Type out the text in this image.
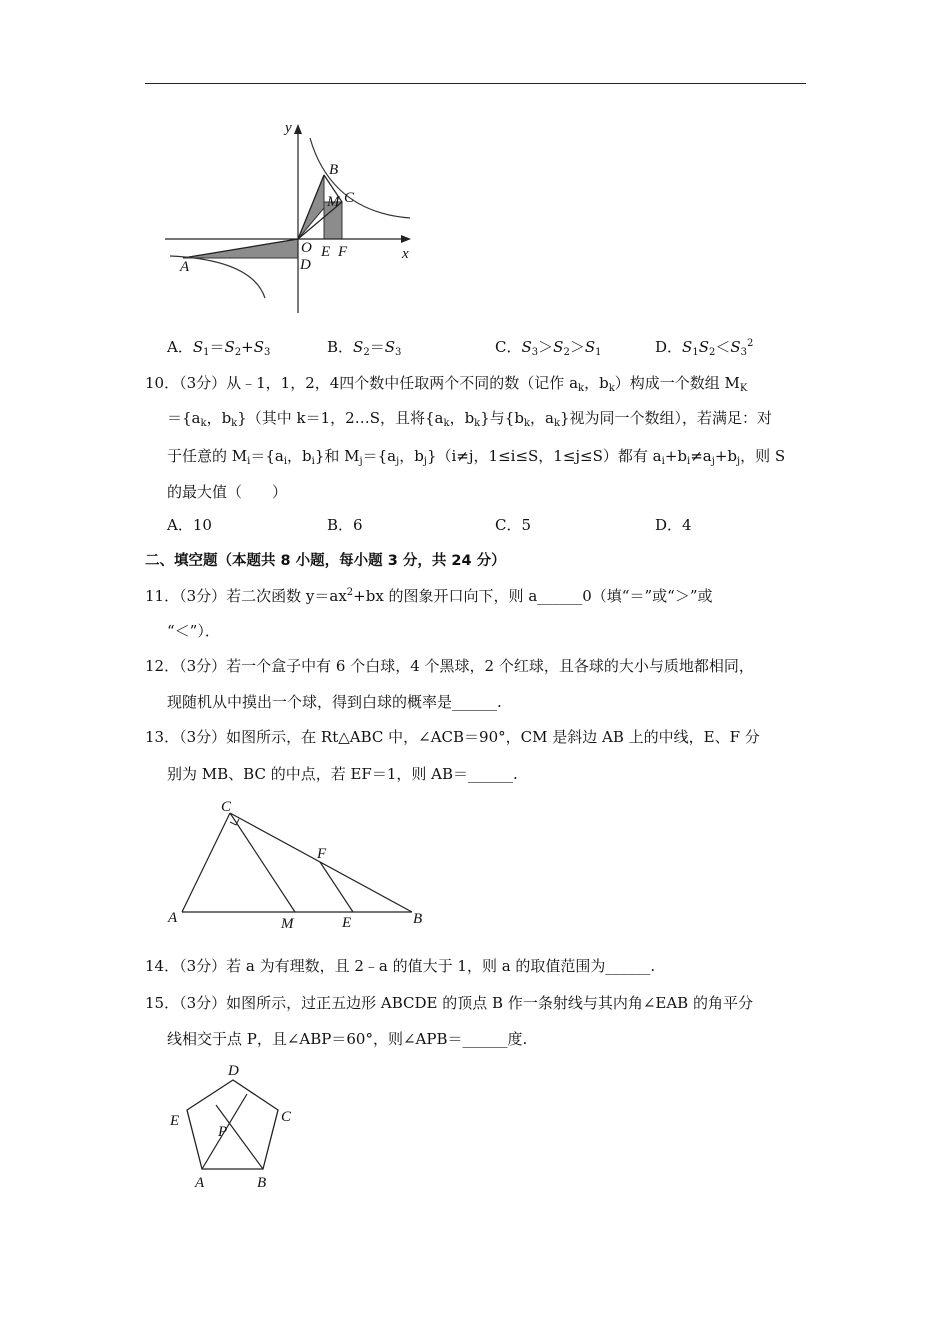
y
x
O
A
B
C
M
D
E F
A．$S_1=S_2+S_3$	B．$S_2=S_3$	C．$S_3>S_2>S_1$	D．$S_1S_2<S_3^2$
10．（3分）从﹣1，1，2，4四个数中任取两个不同的数（记作 $a_k$，$b_k$）构成一个数组 $M_K$
$=\{a_k$，$b_k$}（其中 k＝1，2…S，且将{$a_k$，$b_k$}与{$b_k$，$a_k$}视为同一个数组），若满足：对
于任意的 $M_i=\{a_i$，$b_i$}和 $M_j=\{a_j$，$b_j\}(i\ne j$，1≤i≤S，1≤j≤S）都有 $a_i+b_i\ne a_j+b_j$，则 S
的最大值（　　）
A．10	B．6	C．5	D．4
二、填空题（本题共 8 小题，每小题 3 分，共 24 分）
11．（3分）若二次函数 $y=ax^2+bx$ 的图象开口向下，则 a______0（填“＝”或“＞”或
“＜”）．
12．（3分）若一个盒子中有 6 个白球，4 个黑球，2 个红球，且各球的大小与质地都相同，
现随机从中摸出一个球，得到白球的概率是______.
13．（3分）如图所示，在 Rt△ABC 中，∠ACB＝90°，CM 是斜边 AB 上的中线，E、F 分
别为 MB、BC 的中点，若 EF＝1，则 AB＝______.
C
F
A	M	E	B
14．（3分）若 a 为有理数，且 2﹣a 的值大于 1，则 a 的取值范围为______.
15．（3分）如图所示，过正五边形 ABCDE 的顶点 B 作一条射线与其内角∠EAB 的角平分
线相交于点 P，且∠ABP＝60°，则∠APB＝______度.
D
E	C
P
A	B
